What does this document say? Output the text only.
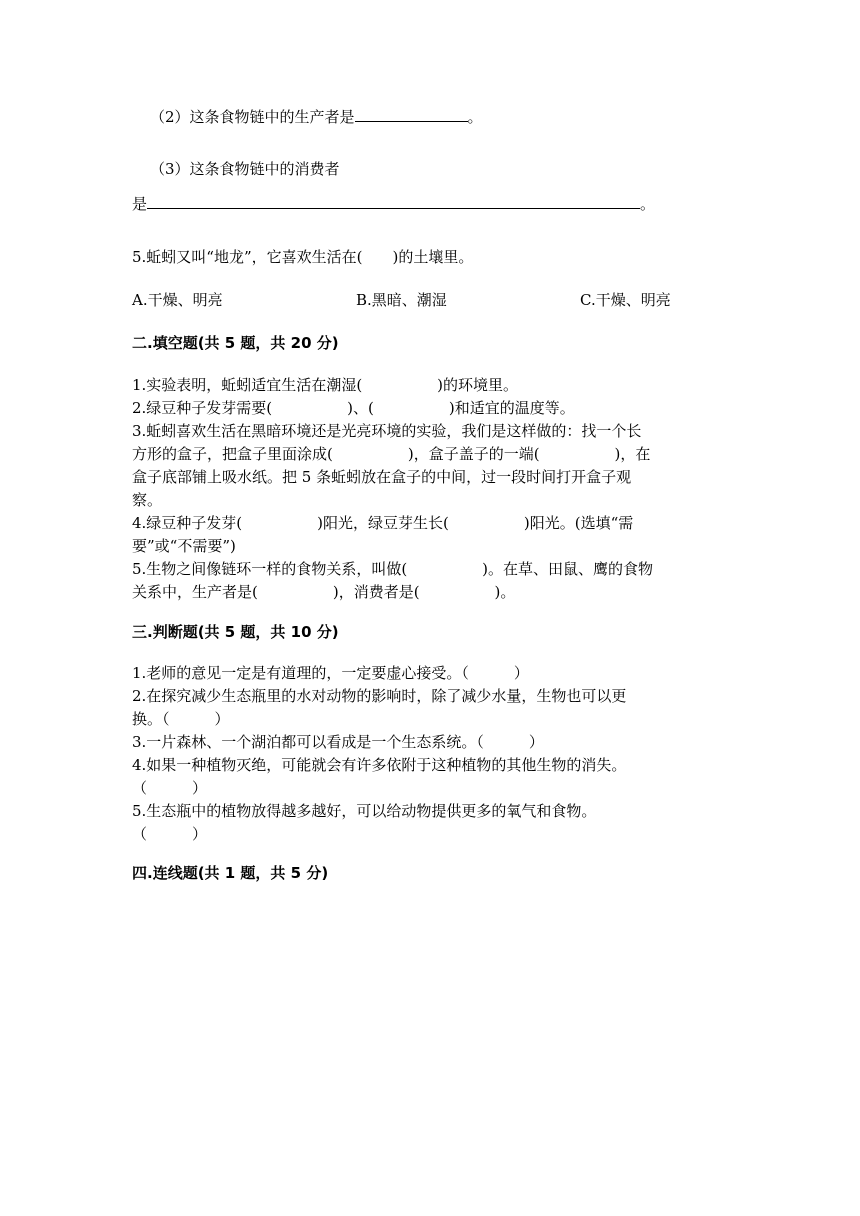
（2）这条食物链中的生产者是	。
（3）这条食物链中的消费者
是	。
5.蚯蚓又叫“地龙”，它喜欢生活在(　　)的土壤里。
A.干燥、明亮	B.黑暗、潮湿	C.干燥、明亮
二.填空题(共 5 题，共 20 分)
1.实验表明，蚯蚓适宜生活在潮湿(　　　　　)的环境里。
2.绿豆种子发芽需要(　　　　　)、(　　　　　)和适宜的温度等。
3.蚯蚓喜欢生活在黑暗环境还是光亮环境的实验，我们是这样做的：找一个长
方形的盒子，把盒子里面涂成(　　　　　)，盒子盖子的一端(　　　　　)，在
盒子底部铺上吸水纸。把 5 条蚯蚓放在盒子的中间，过一段时间打开盒子观
察。
4.绿豆种子发芽(　　　　　)阳光，绿豆芽生长(　　　　　)阳光。(选填“需
要”或“不需要”)
5.生物之间像链环一样的食物关系，叫做(　　　　　)。在草、田鼠、鹰的食物
关系中，生产者是(　　　　　)，消费者是(　　　　　)。
三.判断题(共 5 题，共 10 分)
1.老师的意见一定是有道理的，一定要虚心接受。（　　　）
2.在探究减少生态瓶里的水对动物的影响时，除了减少水量，生物也可以更
换。（　　　）
3.一片森林、一个湖泊都可以看成是一个生态系统。（　　　）
4.如果一种植物灭绝，可能就会有许多依附于这种植物的其他生物的消失。
（　　　）
5.生态瓶中的植物放得越多越好，可以给动物提供更多的氧气和食物。
（　　　）
四.连线题(共 1 题，共 5 分)
